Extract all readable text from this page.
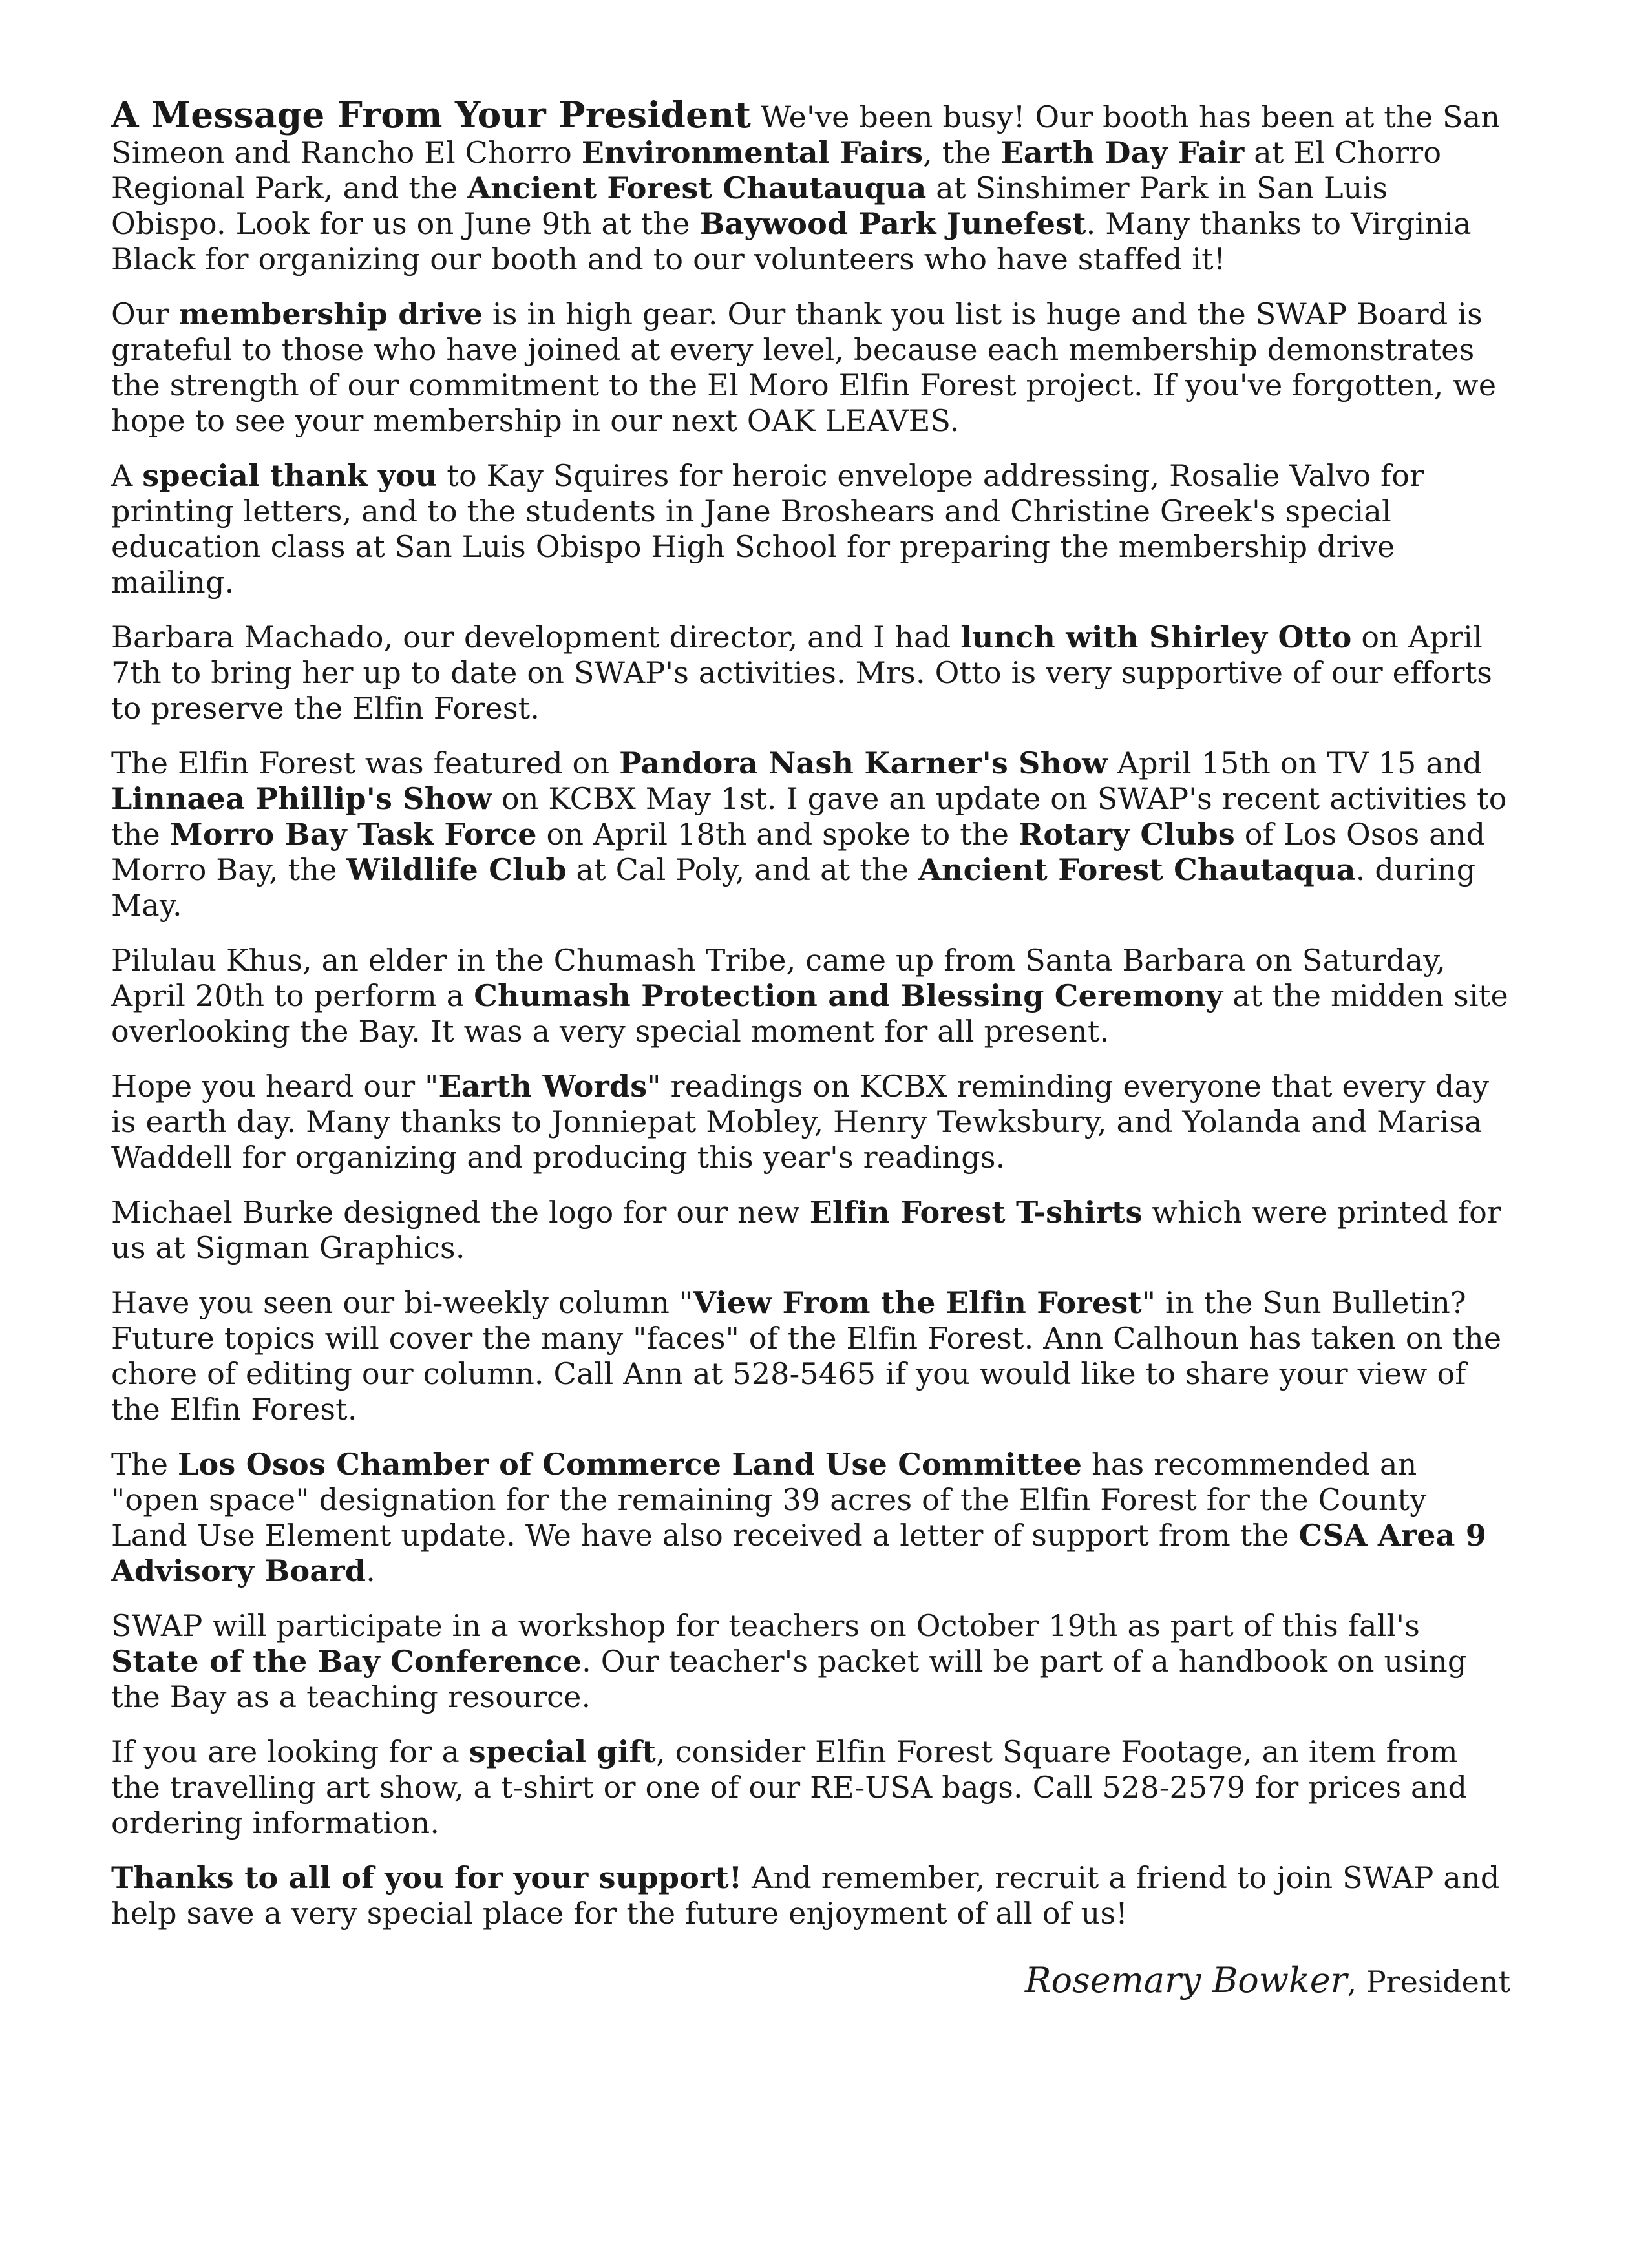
A Message From Your President We've been busy! Our booth has been at the San Simeon and Rancho El Chorro Environmental Fairs, the Earth Day Fair at El Chorro Regional Park, and the Ancient Forest Chautauqua at Sinshimer Park in San Luis Obispo. Look for us on June 9th at the Baywood Park Junefest. Many thanks to Virginia Black for organizing our booth and to our volunteers who have staffed it!

Our membership drive is in high gear. Our thank you list is huge and the SWAP Board is grateful to those who have joined at every level, because each membership demonstrates the strength of our commitment to the El Moro Elfin Forest project. If you've forgotten, we hope to see your membership in our next OAK LEAVES.

A special thank you to Kay Squires for heroic envelope addressing, Rosalie Valvo for printing letters, and to the students in Jane Broshears and Christine Greek's special education class at San Luis Obispo High School for preparing the membership drive mailing.

Barbara Machado, our development director, and I had lunch with Shirley Otto on April 7th to bring her up to date on SWAP's activities. Mrs. Otto is very supportive of our efforts to preserve the Elfin Forest.

The Elfin Forest was featured on Pandora Nash Karner's Show April 15th on TV 15 and Linnaea Phillip's Show on KCBX May 1st. I gave an update on SWAP's recent activities to the Morro Bay Task Force on April 18th and spoke to the Rotary Clubs of Los Osos and Morro Bay, the Wildlife Club at Cal Poly, and at the Ancient Forest Chautaqua. during May.

Pilulau Khus, an elder in the Chumash Tribe, came up from Santa Barbara on Saturday, April 20th to perform a Chumash Protection and Blessing Ceremony at the midden site overlooking the Bay. It was a very special moment for all present.

Hope you heard our "Earth Words" readings on KCBX reminding everyone that every day is earth day. Many thanks to Jonniepat Mobley, Henry Tewksbury, and Yolanda and Marisa Waddell for organizing and producing this year's readings.

Michael Burke designed the logo for our new Elfin Forest T-shirts which were printed for us at Sigman Graphics.

Have you seen our bi-weekly column "View From the Elfin Forest" in the Sun Bulletin? Future topics will cover the many "faces" of the Elfin Forest. Ann Calhoun has taken on the chore of editing our column. Call Ann at 528-5465 if you would like to share your view of the Elfin Forest.

The Los Osos Chamber of Commerce Land Use Committee has recommended an "open space" designation for the remaining 39 acres of the Elfin Forest for the County Land Use Element update. We have also received a letter of support from the CSA Area 9 Advisory Board.

SWAP will participate in a workshop for teachers on October 19th as part of this fall's State of the Bay Conference. Our teacher's packet will be part of a handbook on using the Bay as a teaching resource.

If you are looking for a special gift, consider Elfin Forest Square Footage, an item from the travelling art show, a t-shirt or one of our RE-USA bags. Call 528-2579 for prices and ordering information.

Thanks to all of you for your support! And remember, recruit a friend to join SWAP and help save a very special place for the future enjoyment of all of us!

Rosemary Bowker, President
